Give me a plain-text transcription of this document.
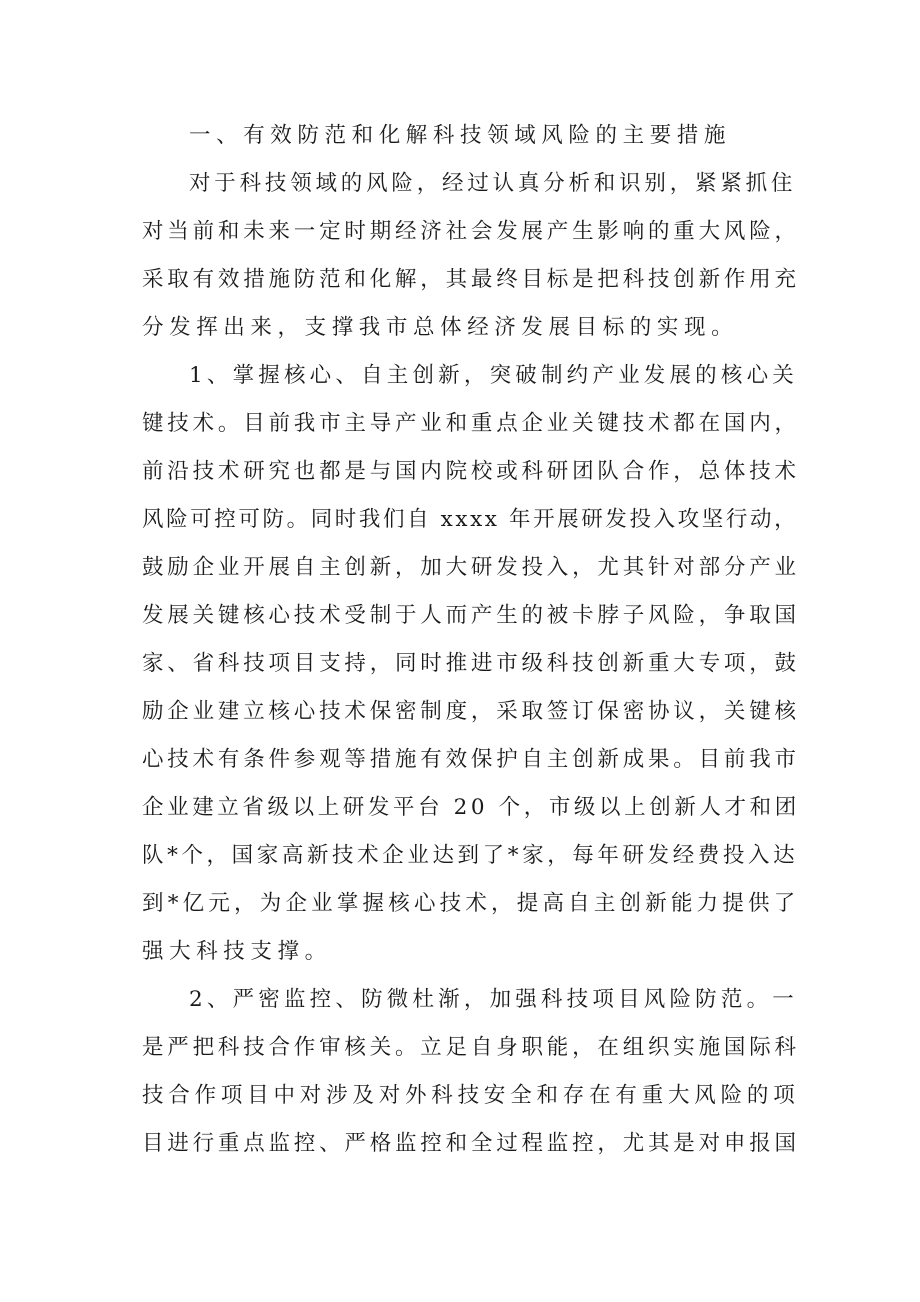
一、有效防范和化解科技领域风险的主要措施

对于科技领域的风险，经过认真分析和识别，紧紧抓住

对当前和未来一定时期经济社会发展产生影响的重大风险，

采取有效措施防范和化解，其最终目标是把科技创新作用充

分发挥出来，支撑我市总体经济发展目标的实现。

1、掌握核心、自主创新，突破制约产业发展的核心关

键技术。目前我市主导产业和重点企业关键技术都在国内，

前沿技术研究也都是与国内院校或科研团队合作，总体技术

风险可控可防。同时我们自 xxxx 年开展研发投入攻坚行动，

鼓励企业开展自主创新，加大研发投入，尤其针对部分产业

发展关键核心技术受制于人而产生的被卡脖子风险，争取国

家、省科技项目支持，同时推进市级科技创新重大专项，鼓

励企业建立核心技术保密制度，采取签订保密协议，关键核

心技术有条件参观等措施有效保护自主创新成果。目前我市

企业建立省级以上研发平台 20 个，市级以上创新人才和团

队*个，国家高新技术企业达到了*家，每年研发经费投入达

到*亿元，为企业掌握核心技术，提高自主创新能力提供了

强大科技支撑。

2、严密监控、防微杜渐，加强科技项目风险防范。一

是严把科技合作审核关。立足自身职能，在组织实施国际科

技合作项目中对涉及对外科技安全和存在有重大风险的项

目进行重点监控、严格监控和全过程监控，尤其是对申报国
